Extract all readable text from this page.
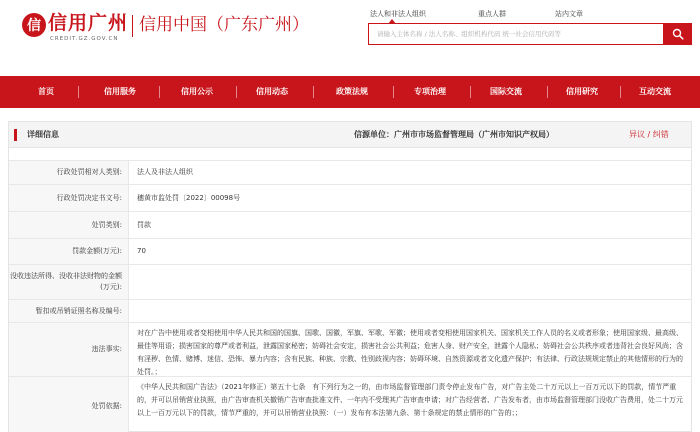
信 信用广州
CREDIT.GZ.GOV.CN
信用中国（广东广州）
法人和非法人组织	重点人群	站内文章
请输入主体名称 / 法人名称、组织机构代码 统一社会信用代码等
首页	信用服务	信用公示	信用动态	政策法规	专项治理	国际交流	信用研究	互动交流
详细信息	信源单位：广州市市场监督管理局（广州市知识产权局）	异议 / 纠错
行政处罚相对人类别:	法人及非法人组织
行政处罚决定书文号:	穗黄市监处罚〔2022〕00098号
处罚类别:	罚款
罚款金额(万元):	70
没收违法所得、没收非法财物的金额(万元):
暂扣或吊销证照名称及编号:
违法事实:
对在广告中使用或者变相使用中华人民共和国的国旗、国歌、国徽，军旗、军歌、军徽；使用或者变相使用国家机关、国家机关工作人员的名义或者形象；使用国家级、最高级、最佳等用语；损害国家的尊严或者利益，泄露国家秘密；妨碍社会安定，损害社会公共利益；危害人身、财产安全，泄露个人隐私；妨碍社会公共秩序或者违背社会良好风尚；含有淫秽、色情、赌博、迷信、恐怖、暴力内容；含有民族、种族、宗教、性别歧视内容；妨碍环境、自然资源或者文化遗产保护；有法律、行政法规规定禁止的其他情形的行为的处罚。；
处罚依据:
《中华人民共和国广告法》（2021年修正）第五十七条　有下列行为之一的，由市场监督管理部门责令停止发布广告，对广告主处二十万元以上一百万元以下的罚款，情节严重的，并可以吊销营业执照，由广告审查机关撤销广告审查批准文件、一年内不受理其广告审查申请；对广告经营者、广告发布者，由市场监督管理部门没收广告费用，处二十万元以上一百万元以下的罚款，情节严重的，并可以吊销营业执照：（一）发布有本法第九条、第十条规定的禁止情形的广告的；；
